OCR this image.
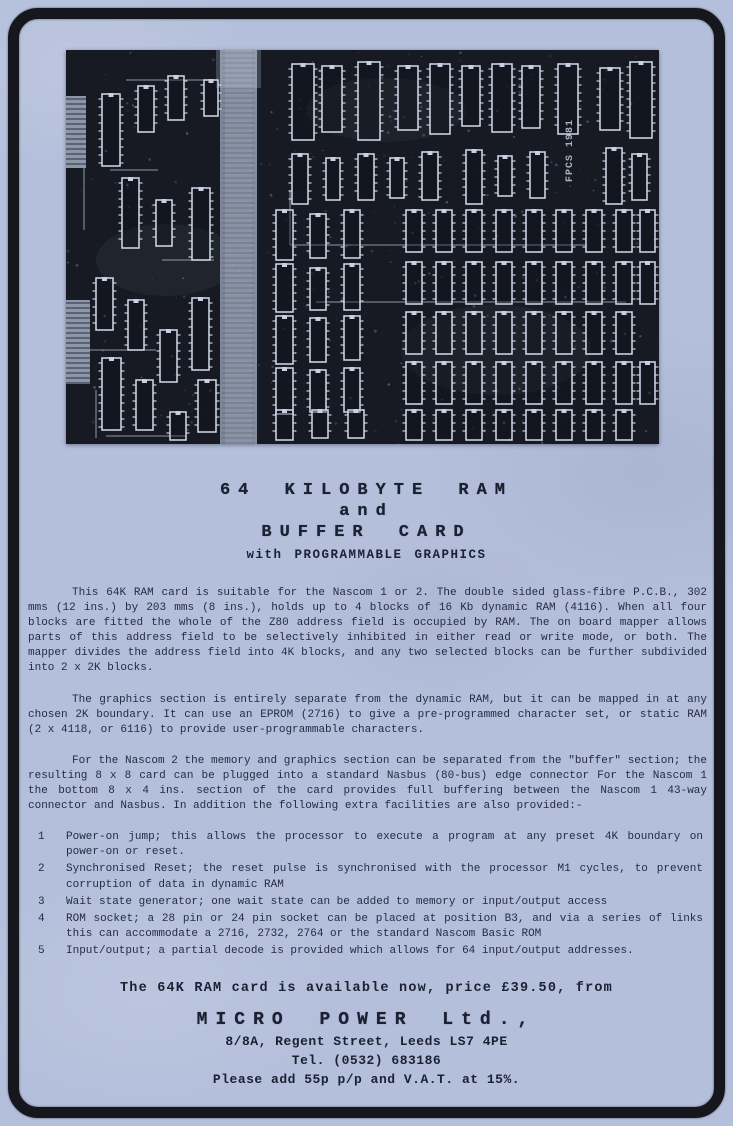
FPCS 1981
64 KILOBYTE RAM
and
BUFFER CARD
with PROGRAMMABLE GRAPHICS

This 64K RAM card is suitable for the Nascom 1 or 2. The double sided glass-fibre P.C.B., 302 mms (12 ins.) by 203 mms (8 ins.), holds up to 4 blocks of 16 Kb dynamic RAM (4116). When all four blocks are fitted the whole of the Z80 address field is occupied by RAM. The on board mapper allows parts of this address field to be selectively inhibited in either read or write mode, or both. The mapper divides the address field into 4K blocks, and any two selected blocks can be further subdivided into 2 x 2K blocks.

The graphics section is entirely separate from the dynamic RAM, but it can be mapped in at any chosen 2K boundary. It can use an EPROM (2716) to give a pre-programmed character set, or static RAM (2 x 4118, or 6116) to provide user-programmable characters.

For the Nascom 2 the memory and graphics section can be separated from the "buffer" section; the resulting 8 x 8 card can be plugged into a standard Nasbus (80-bus) edge connector For the Nascom 1 the bottom 8 x 4 ins. section of the card provides full buffering between the Nascom 1 43-way connector and Nasbus. In addition the following extra facilities are also provided:-

1	Power-on jump; this allows the processor to execute a program at any preset 4K boundary on power-on or reset.
2	Synchronised Reset; the reset pulse is synchronised with the processor M1 cycles, to prevent corruption of data in dynamic RAM
3	Wait state generator; one wait state can be added to memory or input/output access
4	ROM socket; a 28 pin or 24 pin socket can be placed at position B3, and via a series of links this can accommodate a 2716, 2732, 2764 or the standard Nascom Basic ROM
5	Input/output; a partial decode is provided which allows for 64 input/output addresses.
The 64K RAM card is available now, price £39.50, from
MICRO POWER Ltd.,
8/8A, Regent Street, Leeds LS7 4PE
Tel. (0532) 683186
Please add 55p p/p and V.A.T. at 15%.
